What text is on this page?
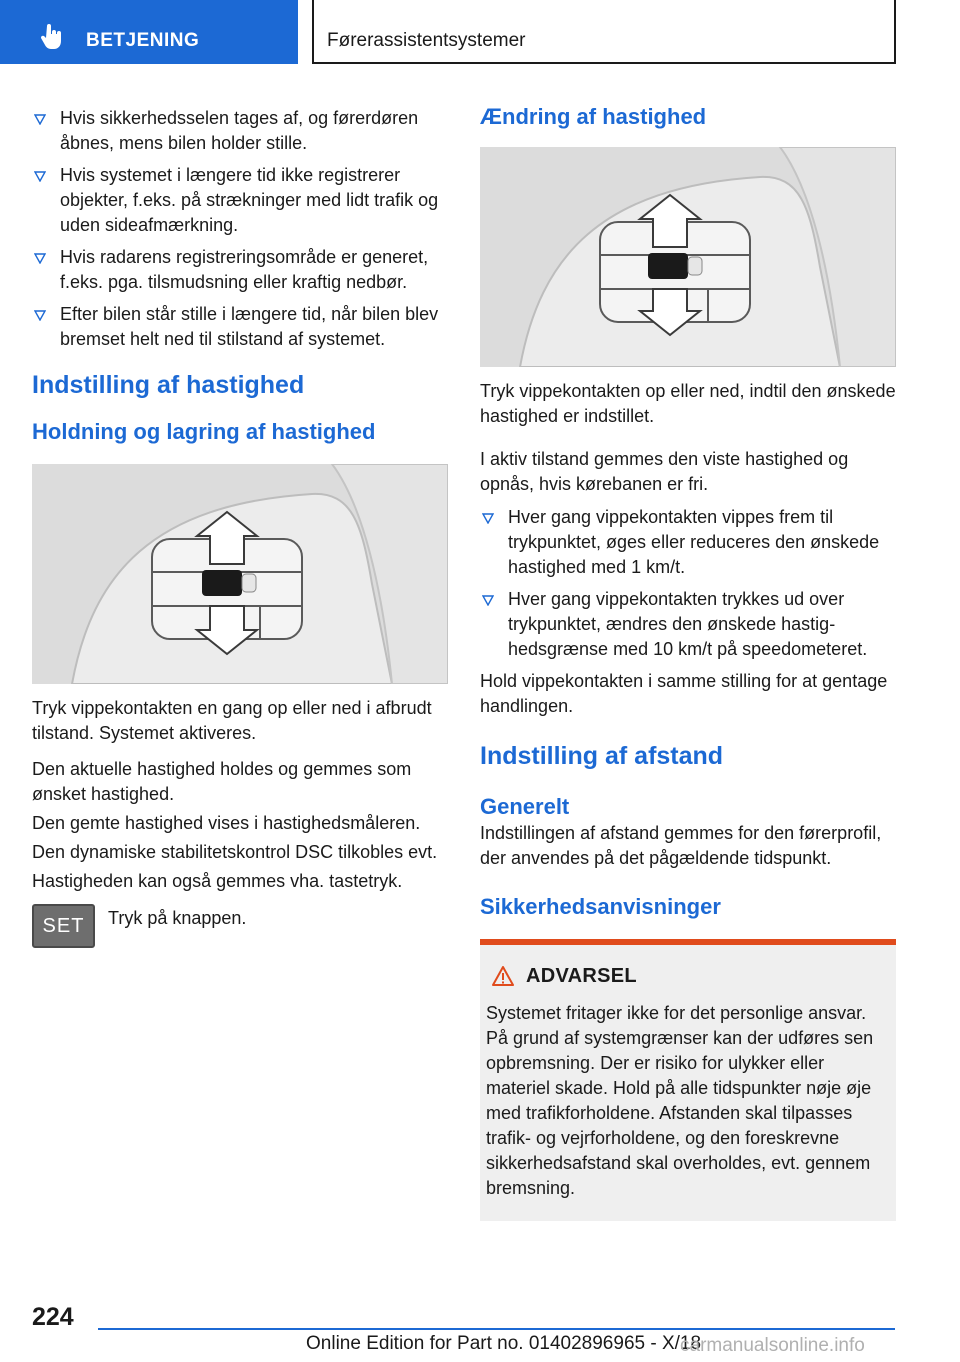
BETJENING	Førerassistentsystemer
Hvis sikkerhedsselen tages af, og førerdøren åbnes, mens bilen holder stille.
Hvis systemet i længere tid ikke registrerer objekter, f.eks. på strækninger med lidt trafik og uden sideafmærkning.
Hvis radarens registreringsområde er generet, f.eks. pga. tilsmudsning eller kraftig nedbør.
Efter bilen står stille i længere tid, når bilen blev bremset helt ned til stilstand af systemet.
Indstilling af hastighed
Holdning og lagring af hastighed

Tryk vippekontakten en gang op eller ned i afbrudt tilstand. Systemet aktiveres.

Den aktuelle hastighed holdes og gemmes som ønsket hastighed.

Den gemte hastighed vises i hastighedsmåleren.

Den dynamiske stabilitetskontrol DSC tilkobles evt.

Hastigheden kan også gemmes vha. tastetryk.

SET	Tryk på knappen.
Ændring af hastighed

Tryk vippekontakten op eller ned, indtil den ønskede hastighed er indstillet.

I aktiv tilstand gemmes den viste hastighed og opnås, hvis kørebanen er fri.

Hver gang vippekontakten vippes frem til trykpunktet, øges eller reduceres den ønskede hastighed med 1 km/t.
Hver gang vippekontakten trykkes ud over trykpunktet, ændres den ønskede hastighedsgrænse med 10 km/t på speedometeret.

Hold vippekontakten i samme stilling for at gentage handlingen.

Indstilling af afstand
Generelt

Indstillingen af afstand gemmes for den førerprofil, der anvendes på det pågældende tidspunkt.

Sikkerhedsanvisninger
ADVARSEL

Systemet fritager ikke for det personlige ansvar. På grund af systemgrænser kan der udføres sen opbremsning. Der er risiko for ulykker eller materiel skade. Hold på alle tidspunkter nøje øje med trafikforholdene. Afstanden skal tilpasses trafik- og vejrforholdene, og den foreskrevne sikkerhedsafstand skal overholdes, evt. gennem bremsning.

224
Online Edition for Part no. 01402896965 - X/18
carmanualsonline.info
